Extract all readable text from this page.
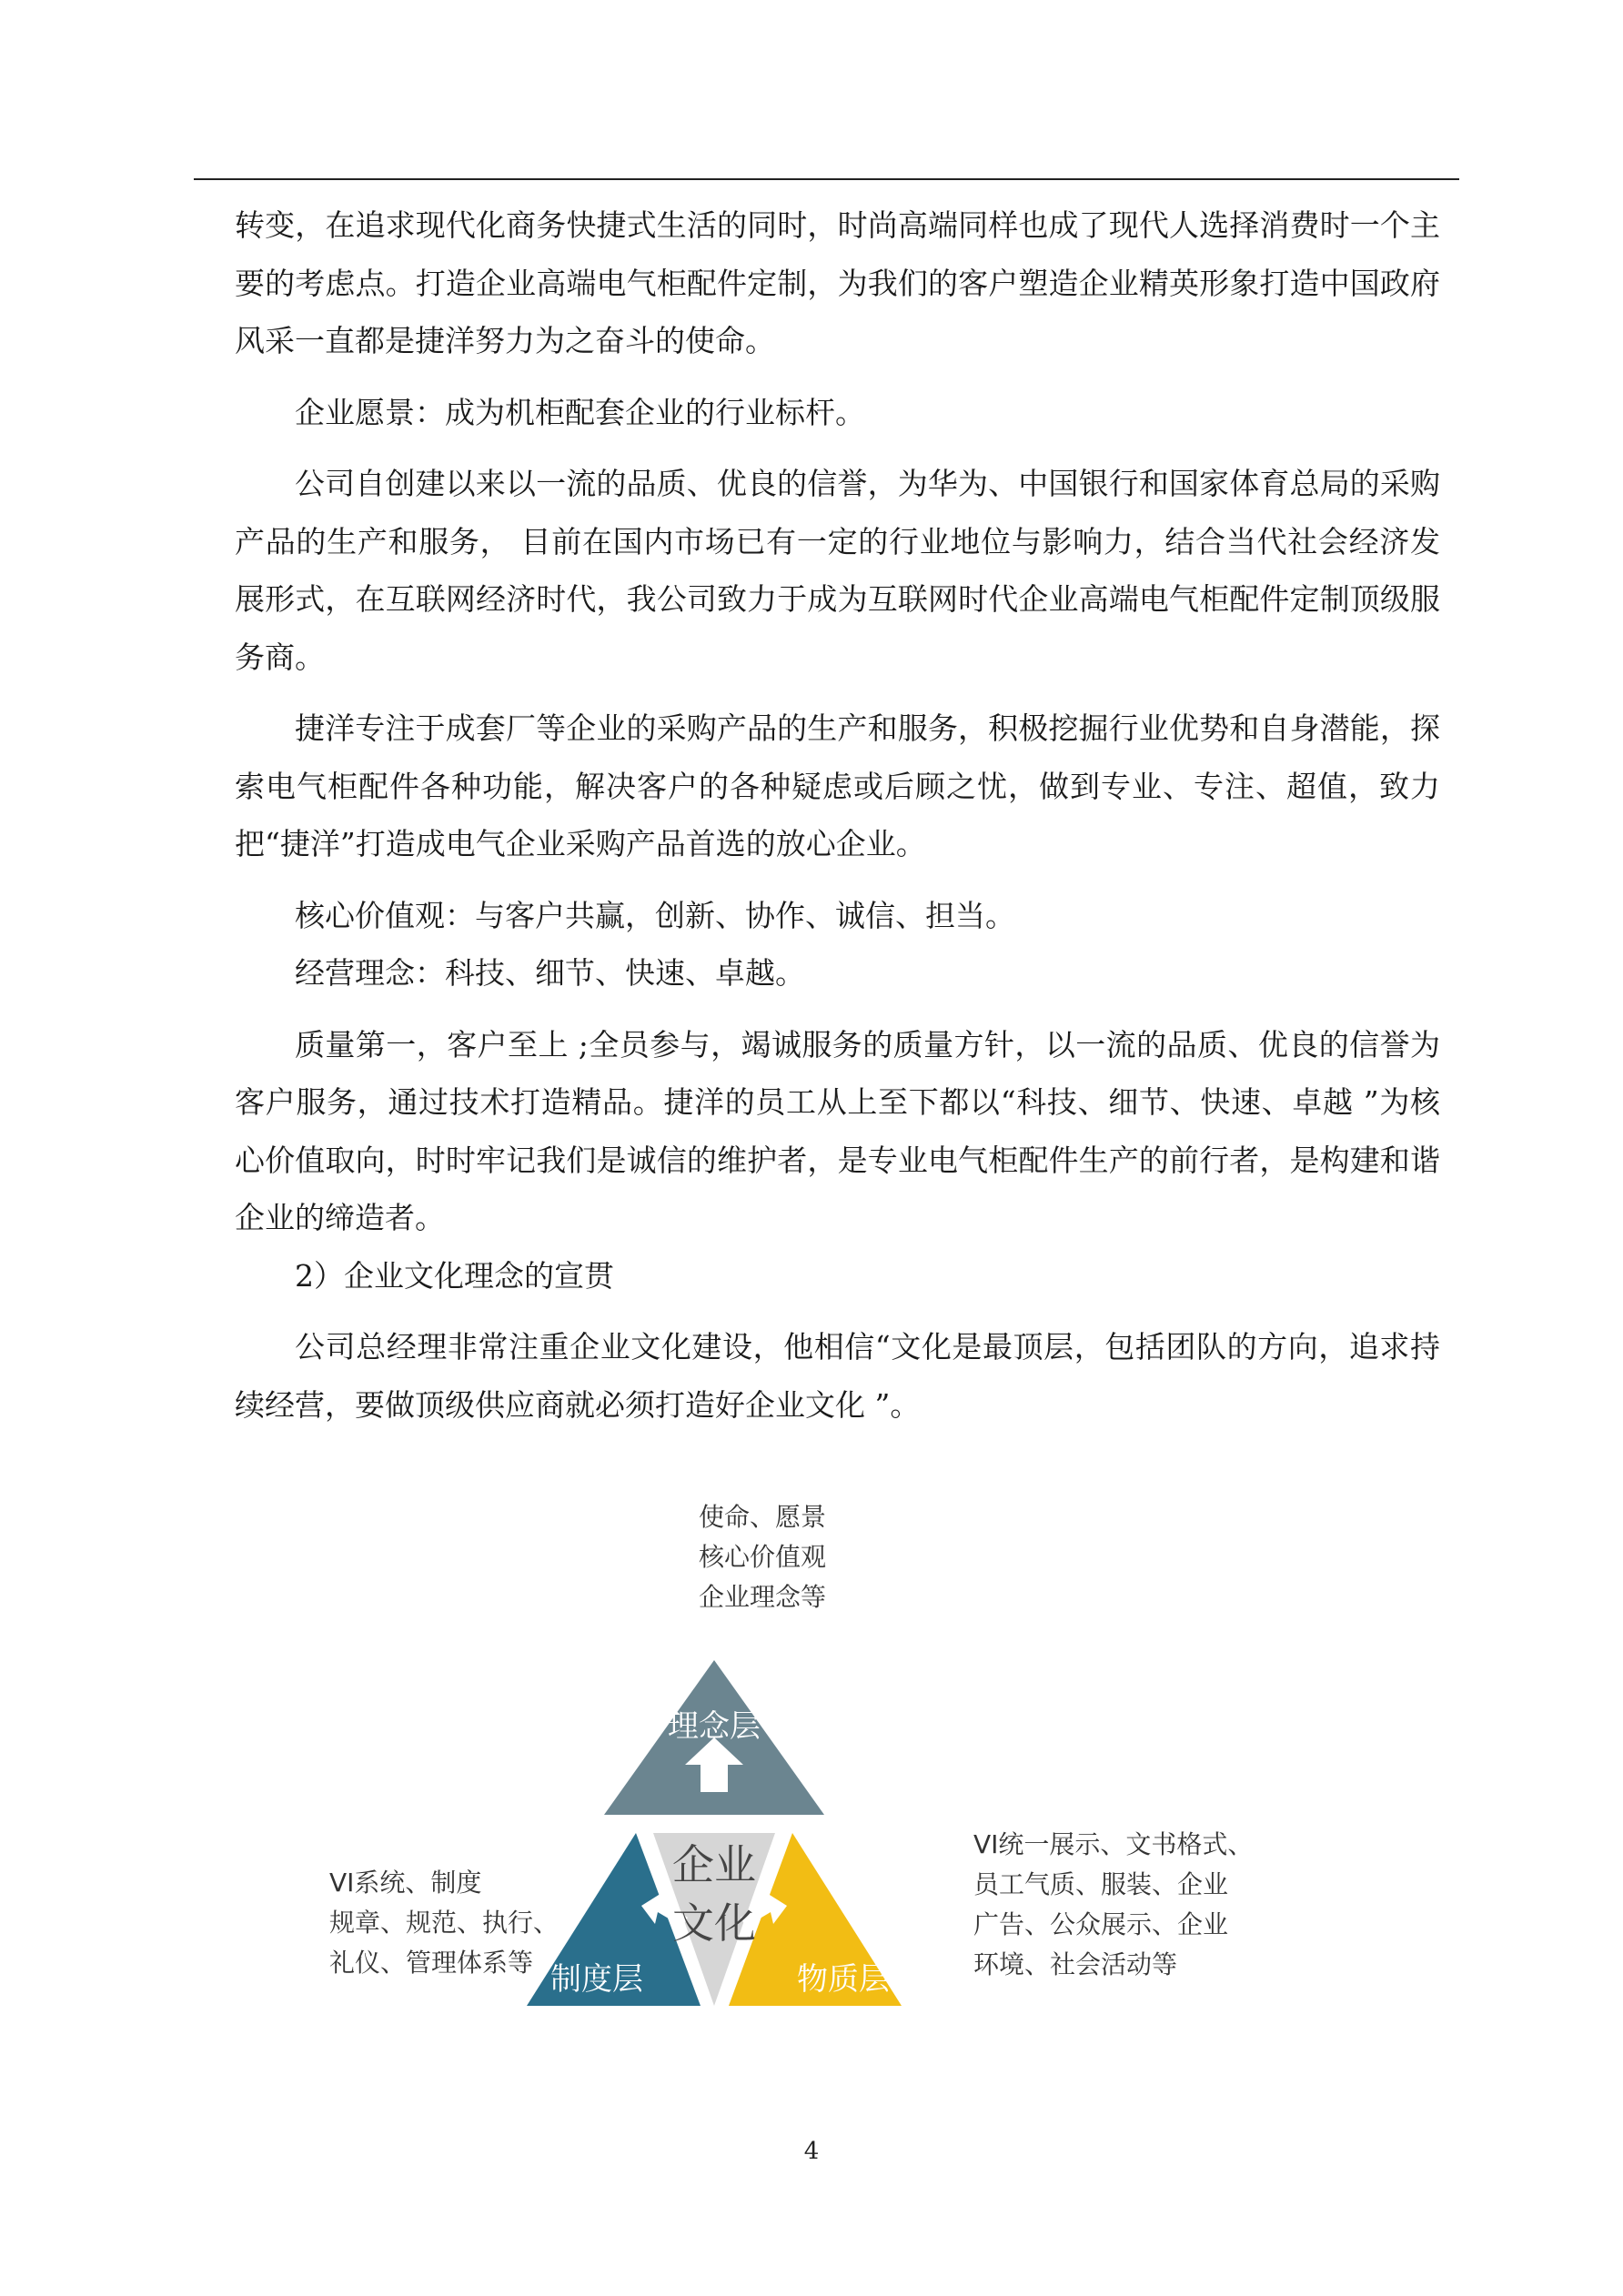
转变，在追求现代化商务快捷式生活的同时，时尚高端同样也成了现代人选择消费时一个主要的考虑点。打造企业高端电气柜配件定制，为我们的客户塑造企业精英形象打造中国政府风采一直都是捷洋努力为之奋斗的使命。

企业愿景：成为机柜配套企业的行业标杆。

公司自创建以来以一流的品质、优良的信誉，为华为、中国银行和国家体育总局的采购产品的生产和服务， 目前在国内市场已有一定的行业地位与影响力，结合当代社会经济发展形式，在互联网经济时代，我公司致力于成为互联网时代企业高端电气柜配件定制顶级服务商。

捷洋专注于成套厂等企业的采购产品的生产和服务，积极挖掘行业优势和自身潜能，探索电气柜配件各种功能，解决客户的各种疑虑或后顾之忧，做到专业、专注、超值，致力把“捷洋”打造成电气企业采购产品首选的放心企业。

核心价值观：与客户共赢，创新、协作、诚信、担当。

经营理念：科技、细节、快速、卓越。

质量第一，客户至上 ;全员参与，竭诚服务的质量方针，以一流的品质、优良的信誉为客户服务，通过技术打造精品。捷洋的员工从上至下都以“科技、细节、快速、卓越 ”为核心价值取向，时时牢记我们是诚信的维护者，是专业电气柜配件生产的前行者，是构建和谐企业的缔造者。

2）企业文化理念的宣贯

公司总经理非常注重企业文化建设，他相信“文化是最顶层，包括团队的方向，追求持续经营，要做顶级供应商就必须打造好企业文化 ”。

使命、愿景
核心价值观
企业理念等
VI系统、制度
规章、规范、执行、
礼仪、管理体系等
VI统一展示、文书格式、
员工气质、服装、企业
广告、公众展示、企业
环境、社会活动等
理念层
制度层	物质层
企业
文化
4
